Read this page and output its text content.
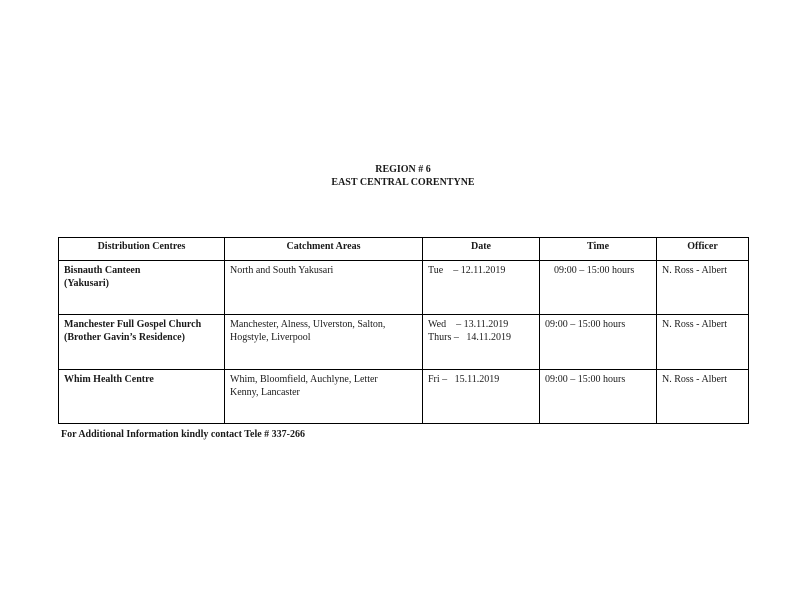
REGION # 6
EAST CENTRAL CORENTYNE
Distribution Centres	Catchment Areas	Date	Time	Officer

Bisnauth Canteen
(Yakusari)	North and South Yakusari	Tue    – 12.11.2019	09:00 – 15:00 hours	N. Ross - Albert

Manchester Full Gospel Church
(Brother Gavin’s Residence)	Manchester, Alness, Ulverston, Salton,
Hogstyle, Liverpool	Wed    – 13.11.2019
Thurs –   14.11.2019	09:00 – 15:00 hours	N. Ross - Albert

Whim Health Centre	Whim, Bloomfield, Auchlyne, Letter
Kenny, Lancaster	Fri –   15.11.2019	09:00 – 15:00 hours	N. Ross - Albert
For Additional Information kindly contact Tele # 337-266
